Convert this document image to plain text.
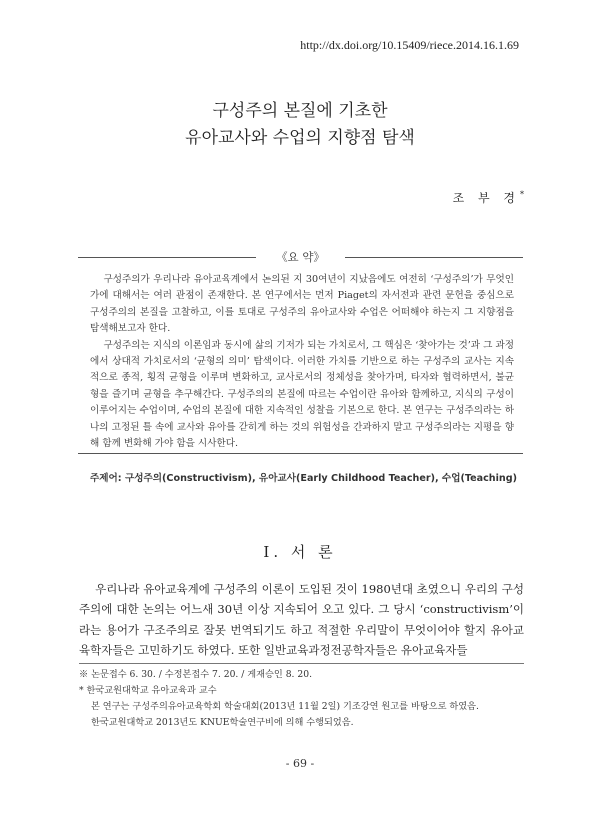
http://dx.doi.org/10.15409/riece.2014.16.1.69
구성주의 본질에 기초한
유아교사와 수업의 지향점 탐색
조 부 경*
《요 약》

구성주의가 우리나라 유아교육계에서 논의된 지 30여년이 지났음에도 여전히 ‘구성주의’가 무엇인가에 대해서는 여러 관점이 존재한다. 본 연구에서는 먼저 Piaget의 자서전과 관련 문헌을 중심으로 구성주의의 본질을 고찰하고, 이를 토대로 구성주의 유아교사와 수업은 어떠해야 하는지 그 지향점을 탐색해보고자 한다.

구성주의는 지식의 이론임과 동시에 삶의 기저가 되는 가치로서, 그 핵심은 ‘찾아가는 것’과 그 과정에서 상대적 가치로서의 ‘균형의 의미’ 탐색이다. 이러한 가치를 기반으로 하는 구성주의 교사는 지속적으로 종적, 횡적 균형을 이루며 변화하고, 교사로서의 정체성을 찾아가며, 타자와 협력하면서, 불균형을 즐기며 균형을 추구해간다. 구성주의의 본질에 따르는 수업이란 유아와 함께하고, 지식의 구성이 이루어지는 수업이며, 수업의 본질에 대한 지속적인 성찰을 기본으로 한다. 본 연구는 구성주의라는 하나의 고정된 틀 속에 교사와 유아를 갇히게 하는 것의 위험성을 간과하지 말고 구성주의라는 지평을 향해 함께 변화해 가야 함을 시사한다.

주제어: 구성주의(Constructivism), 유아교사(Early Childhood Teacher), 수업(Teaching)
Ⅰ. 서 론

우리나라 유아교육계에 구성주의 이론이 도입된 것이 1980년대 초였으니 우리의 구성주의에 대한 논의는 어느새 30년 이상 지속되어 오고 있다. 그 당시 ‘constructivism’이라는 용어가 구조주의로 잘못 번역되기도 하고 적절한 우리말이 무엇이어야 할지 유아교육학자들은 고민하기도 하였다. 또한 일반교육과정전공학자들은 유아교육자들

※ 논문접수 6. 30. / 수정본접수 7. 20. / 게재승인 8. 20.
* 한국교원대학교 유아교육과 교수
본 연구는 구성주의유아교육학회 학술대회(2013년 11월 2일) 기조강연 원고를 바탕으로 하였음.
한국교원대학교 2013년도 KNUE학술연구비에 의해 수행되었음.
- 69 -
